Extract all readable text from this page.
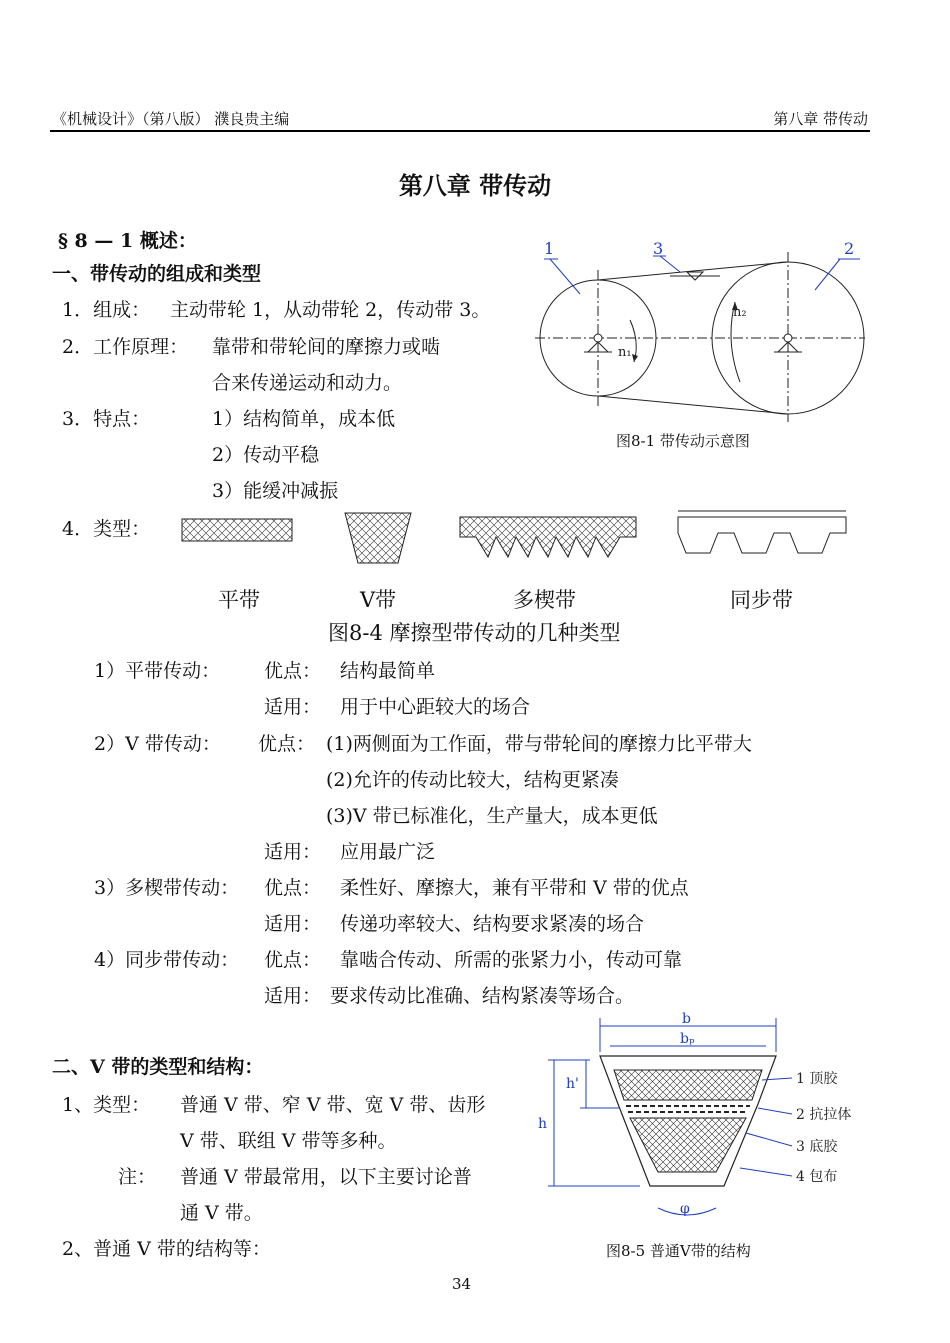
《机械设计》（第八版） 濮良贵主编	第八章 带传动
第八章 带传动
§ 8 — 1 概述：
一、带传动的组成和类型
1．组成： 主动带轮 1，从动带轮 2，传动带 3。
2．工作原理： 靠带和带轮间的摩擦力或啮
合来传递运动和动力。
3．特点：	1）结构简单，成本低
2）传动平稳
3）能缓冲减振
4．类型：
1	3	2
n₁
n₂
图8-1 带传动示意图
平带	V带	多楔带	同步带
图8-4 摩擦型带传动的几种类型
1）平带传动： 优点： 结构最简单
适用： 用于中心距较大的场合
2）V 带传动： 优点： (1)两侧面为工作面，带与带轮间的摩擦力比平带大
(2)允许的传动比较大，结构更紧凑
(3)V 带已标准化，生产量大，成本更低
适用： 应用最广泛
3）多楔带传动： 优点： 柔性好、摩擦大，兼有平带和 V 带的优点
适用： 传递功率较大、结构要求紧凑的场合
4）同步带传动： 优点： 靠啮合传动、所需的张紧力小，传动可靠
适用： 要求传动比准确、结构紧凑等场合。
二、V 带的类型和结构：
1、类型： 普通 V 带、窄 V 带、宽 V 带、齿形
V 带、联组 V 带等多种。
注： 普通 V 带最常用，以下主要讨论普
通 V 带。
2、普通 V 带的结构等：
b
bₚ
h
h'
φ
1 顶胶
2 抗拉体
3 底胶
4 包布
图8-5 普通V带的结构
34
